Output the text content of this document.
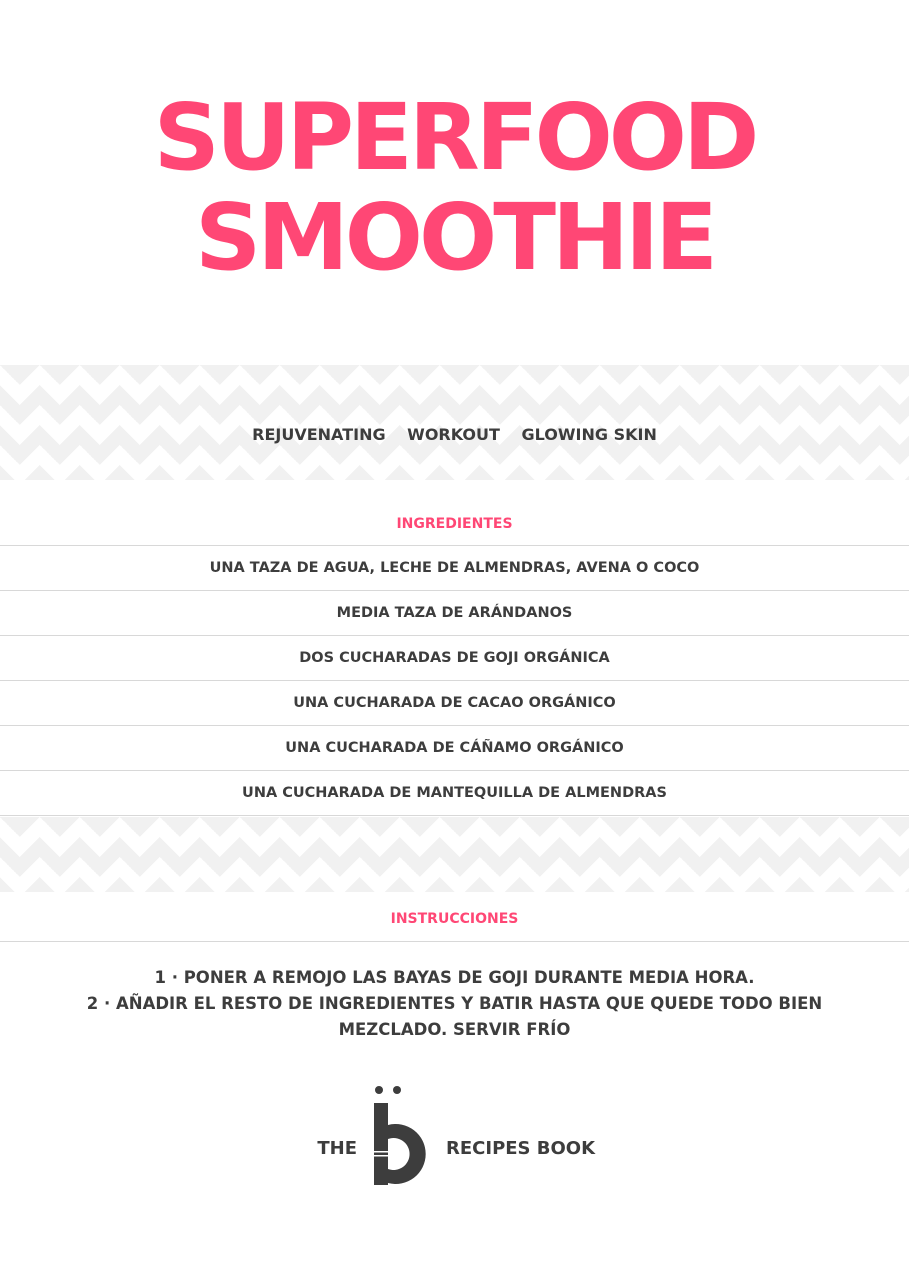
SUPERFOOD
SMOOTHIE
REJUVENATING WORKOUT GLOWING SKIN
INGREDIENTES
UNA TAZA DE AGUA, LECHE DE ALMENDRAS, AVENA O COCO
MEDIA TAZA DE ARÁNDANOS
DOS CUCHARADAS DE GOJI ORGÁNICA
UNA CUCHARADA DE CACAO ORGÁNICO
UNA CUCHARADA DE CÁÑAMO ORGÁNICO
UNA CUCHARADA DE MANTEQUILLA DE ALMENDRAS
INSTRUCCIONES
1 · PONER A REMOJO LAS BAYAS DE GOJI DURANTE MEDIA HORA.
2 · AÑADIR EL RESTO DE INGREDIENTES Y BATIR HASTA QUE QUEDE TODO BIEN
MEZCLADO. SERVIR FRÍO
THE	RECIPES BOOK
